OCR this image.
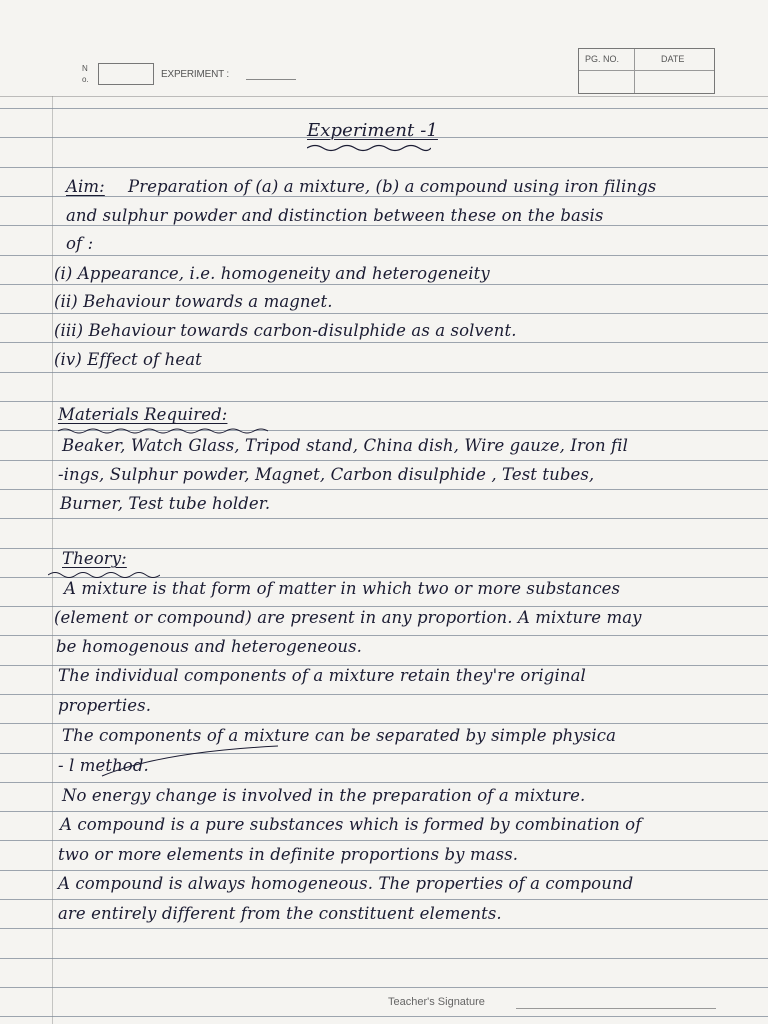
N o.	EXPERIMENT :
PG. NO.	DATE
Experiment -1
Aim: Preparation of (a) a mixture, (b) a compound using iron filings
and sulphur powder and distinction between these on the basis
of :
(i) Appearance, i.e. homogeneity and heterogeneity
(ii) Behaviour towards a magnet.
(iii) Behaviour towards carbon-disulphide as a solvent.
(iv) Effect of heat
Materials Required:
Beaker, Watch Glass, Tripod stand, China dish, Wire gauze, Iron fil
-ings, Sulphur powder, Magnet, Carbon disulphide , Test tubes,
Burner, Test tube holder.
Theory:
A mixture is that form of matter in which two or more substances
(element or compound) are present in any proportion. A mixture may
be homogenous and heterogeneous.
The individual components of a mixture retain they're original
properties.
The components of a mixture can be separated by simple physica
- l method.
No energy change is involved in the preparation of a mixture.
A compound is a pure substances which is formed by combination of
two or more elements in definite proportions by mass.
A compound is always homogeneous. The properties of a compound
are entirely different from the constituent elements.
Teacher's Signature
